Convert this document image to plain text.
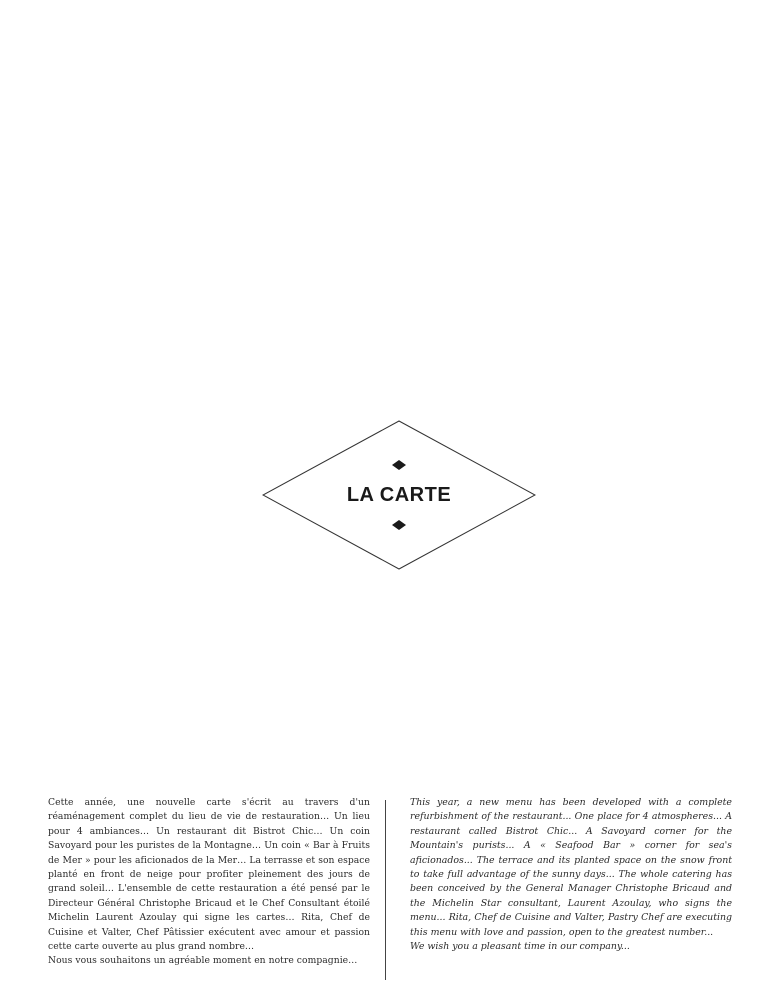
LA CARTE

Cette année, une nouvelle carte s'écrit au travers d'un réaménagement complet du lieu de vie de restauration… Un lieu pour 4 ambiances… Un restaurant dit Bistrot Chic… Un coin Savoyard pour les puristes de la Montagne… Un coin « Bar à Fruits de Mer » pour les aficionados de la Mer… La terrasse et son espace planté en front de neige pour profiter pleinement des jours de grand soleil… L'ensemble de cette restauration a été pensé par le Directeur Général Christophe Bricaud et le Chef Consultant étoilé Michelin Laurent Azoulay qui signe les cartes… Rita, Chef de Cuisine et Valter, Chef Pâtissier exécutent avec amour et passion cette carte ouverte au plus grand nombre…

Nous vous souhaitons un agréable moment en notre compagnie…

This year, a new menu has been developed with a complete refurbishment of the restaurant... One place for 4 atmospheres... A restaurant called Bistrot Chic... A Savoyard corner for the Mountain's purists... A « Seafood Bar » corner for sea's aficionados... The terrace and its planted space on the snow front to take full advantage of the sunny days... The whole catering has been conceived by the General Manager Christophe Bricaud and the Michelin Star consultant, Laurent Azoulay, who signs the menu... Rita, Chef de Cuisine and Valter, Pastry Chef are executing this menu with love and passion, open to the greatest number...

We wish you a pleasant time in our company...
